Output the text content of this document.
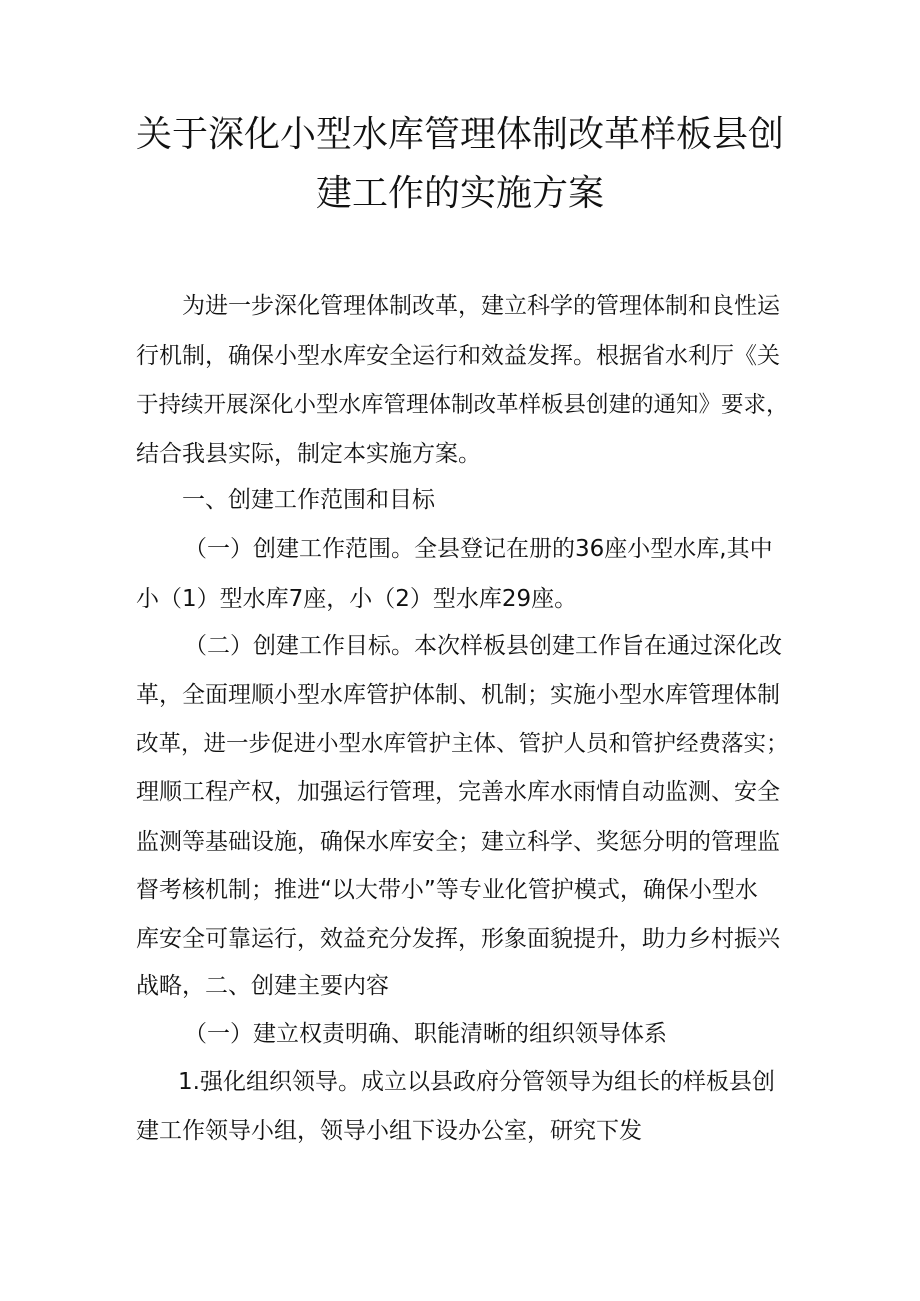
关于深化小型水库管理体制改革样板县创
建工作的实施方案
为进一步深化管理体制改革，建立科学的管理体制和良性运
行机制，确保小型水库安全运行和效益发挥。根据省水利厅《关
于持续开展深化小型水库管理体制改革样板县创建的通知》要求，
结合我县实际，制定本实施方案。
一、创建工作范围和目标
（一）创建工作范围。全县登记在册的36座小型水库,其中
小（1）型水库7座，小（2）型水库29座。
（二）创建工作目标。本次样板县创建工作旨在通过深化改
革，全面理顺小型水库管护体制、机制；实施小型水库管理体制
改革，进一步促进小型水库管护主体、管护人员和管护经费落实；
理顺工程产权，加强运行管理，完善水库水雨情自动监测、安全
监测等基础设施，确保水库安全；建立科学、奖惩分明的管理监
督考核机制；推进“以大带小”等专业化管护模式，确保小型水
库安全可靠运行，效益充分发挥，形象面貌提升，助力乡村振兴
战略，二、创建主要内容
（一）建立权责明确、职能清晰的组织领导体系
1.强化组织领导。成立以县政府分管领导为组长的样板县创
建工作领导小组，领导小组下设办公室，研究下发
